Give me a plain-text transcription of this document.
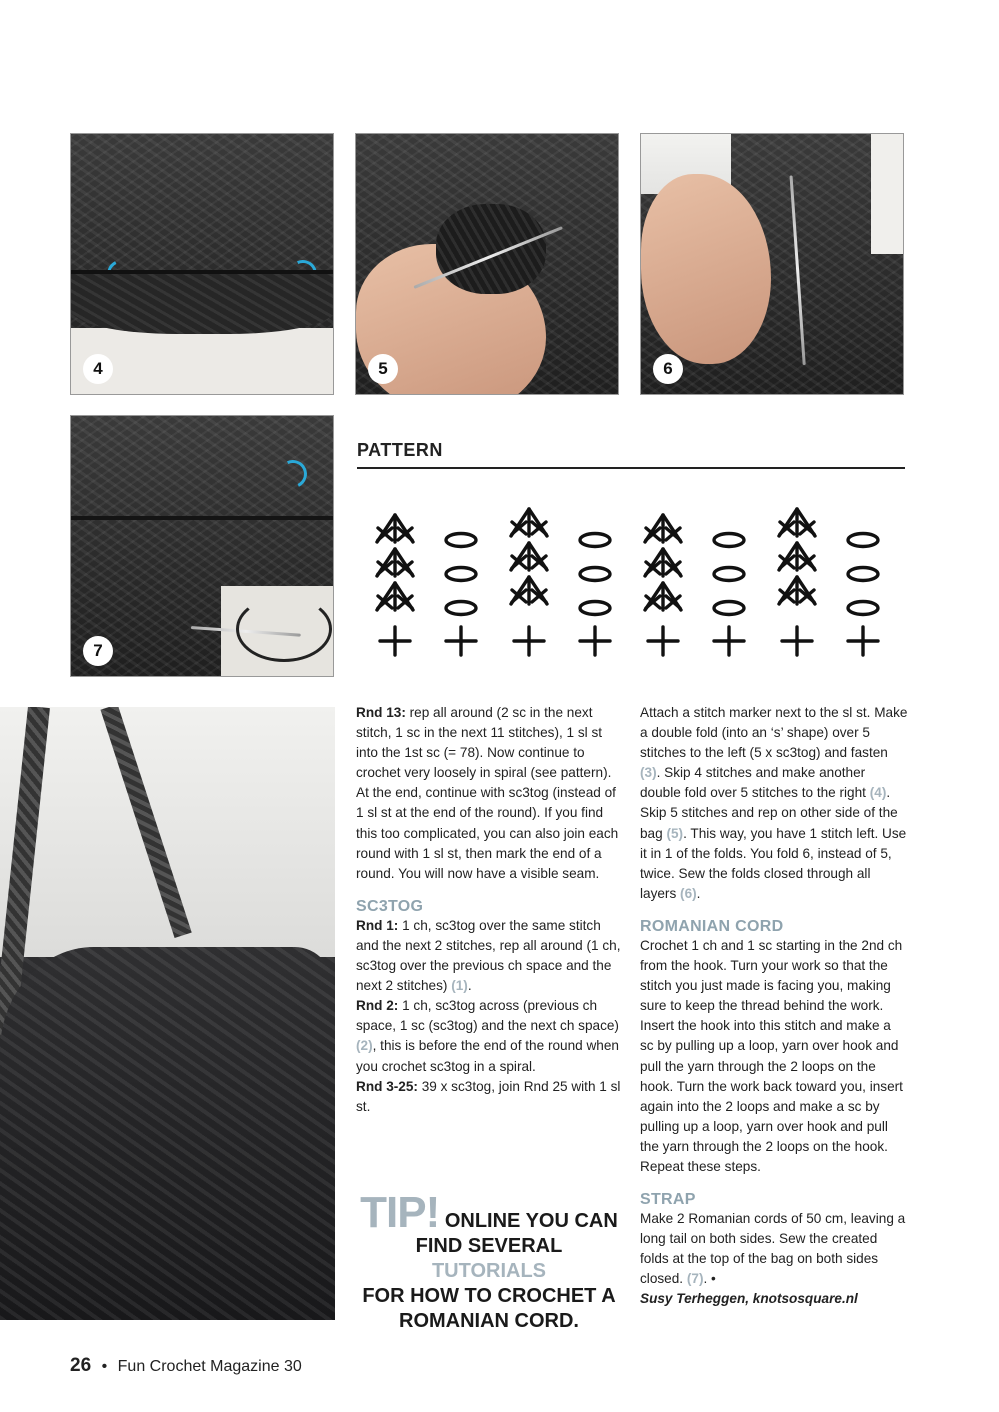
4	5	6
7
PATTERN

Rnd 13: rep all around (2 sc in the next stitch, 1 sc in the next 11 stitches), 1 sl st into the 1st sc (= 78). Now continue to crochet very loosely in spiral (see pattern). At the end, continue with sc3tog (instead of 1 sl st at the end of the round). If you find this too complicated, you can also join each round with 1 sl st, then mark the end of a round. You will now have a visible seam.

SC3TOG

Rnd 1: 1 ch, sc3tog over the same stitch and the next 2 stitches, rep all around (1 ch, sc3tog over the previous ch space and the next 2 stitches) (1).

Rnd 2: 1 ch, sc3tog across (previous ch space, 1 sc (sc3tog) and the next ch space) (2), this is before the end of the round when you crochet sc3tog in a spiral.

Rnd 3-25: 39 x sc3tog, join Rnd 25 with 1 sl st.

Attach a stitch marker next to the sl st. Make a double fold (into an ‘s’ shape) over 5 stitches to the left (5 x sc3tog) and fasten (3). Skip 4 stitches and make another double fold over 5 stitches to the right (4). Skip 5 stitches and rep on other side of the bag (5). This way, you have 1 stitch left. Use it in 1 of the folds. You fold 6, instead of 5, twice. Sew the folds closed through all layers (6).

ROMANIAN CORD

Crochet 1 ch and 1 sc starting in the 2nd ch from the hook. Turn your work so that the stitch you just made is facing you, making sure to keep the thread behind the work. Insert the hook into this stitch and make a sc by pulling up a loop, yarn over hook and pull the yarn through the 2 loops on the hook. Turn the work back toward you, insert again into the 2 loops and make a sc by pulling up a loop, yarn over hook and pull the yarn through the 2 loops on the hook. Repeat these steps.

STRAP

Make 2 Romanian cords of 50 cm, leaving a long tail on both sides. Sew the created folds at the top of the bag on both sides closed. (7). •

Susy Terheggen, knotsosquare.nl

TIP! ONLINE YOU CAN
FIND SEVERAL TUTORIALS
FOR HOW TO CROCHET A
ROMANIAN CORD.
26 • Fun Crochet Magazine 30
